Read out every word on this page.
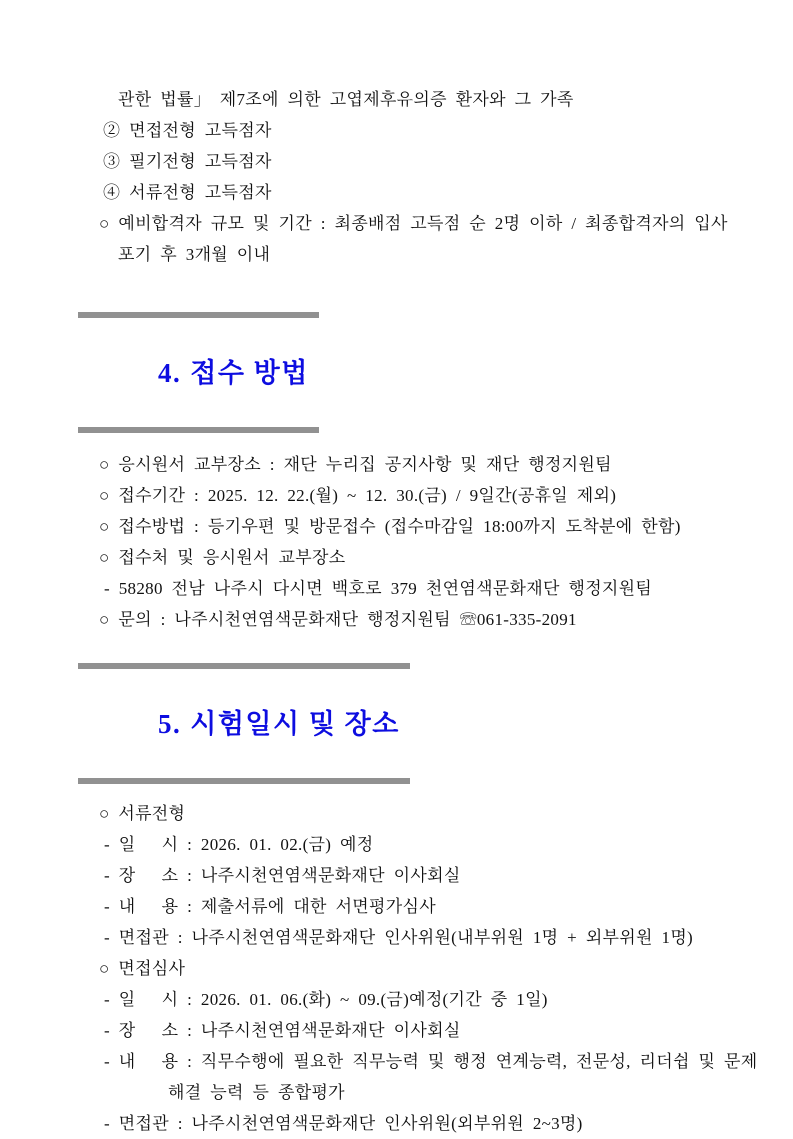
관한 법률」 제7조에 의한 고엽제후유의증 환자와 그 가족
② 면접전형 고득점자
③ 필기전형 고득점자
④ 서류전형 고득점자
○ 예비합격자 규모 및 기간 : 최종배점 고득점 순 2명 이하 / 최종합격자의 입사
포기 후 3개월 이내

4. 접수 방법

○ 응시원서 교부장소 : 재단 누리집 공지사항 및 재단 행정지원팀
○ 접수기간 : 2025. 12. 22.(월) ~ 12. 30.(금) / 9일간(공휴일 제외)
○ 접수방법 : 등기우편 및 방문접수 (접수마감일 18:00까지 도착분에 한함)
○ 접수처 및 응시원서 교부장소
- 58280 전남 나주시 다시면 백호로 379 천연염색문화재단 행정지원팀
○ 문의 : 나주시천연염색문화재단 행정지원팀 ☏061-335-2091

5. 시험일시 및 장소

○ 서류전형
- 일　 시 : 2026. 01. 02.(금) 예정
- 장　 소 : 나주시천연염색문화재단 이사회실
- 내　 용 : 제출서류에 대한 서면평가심사
- 면접관 : 나주시천연염색문화재단 인사위원(내부위원 1명 + 외부위원 1명)
○ 면접심사
- 일　 시 : 2026. 01. 06.(화) ~ 09.(금)예정(기간 중 1일)
- 장　 소 : 나주시천연염색문화재단 이사회실
- 내　 용 : 직무수행에 필요한 직무능력 및 행정 연계능력, 전문성, 리더쉽 및 문제
해결 능력 등 종합평가
- 면접관 : 나주시천연염색문화재단 인사위원(외부위원 2~3명)
